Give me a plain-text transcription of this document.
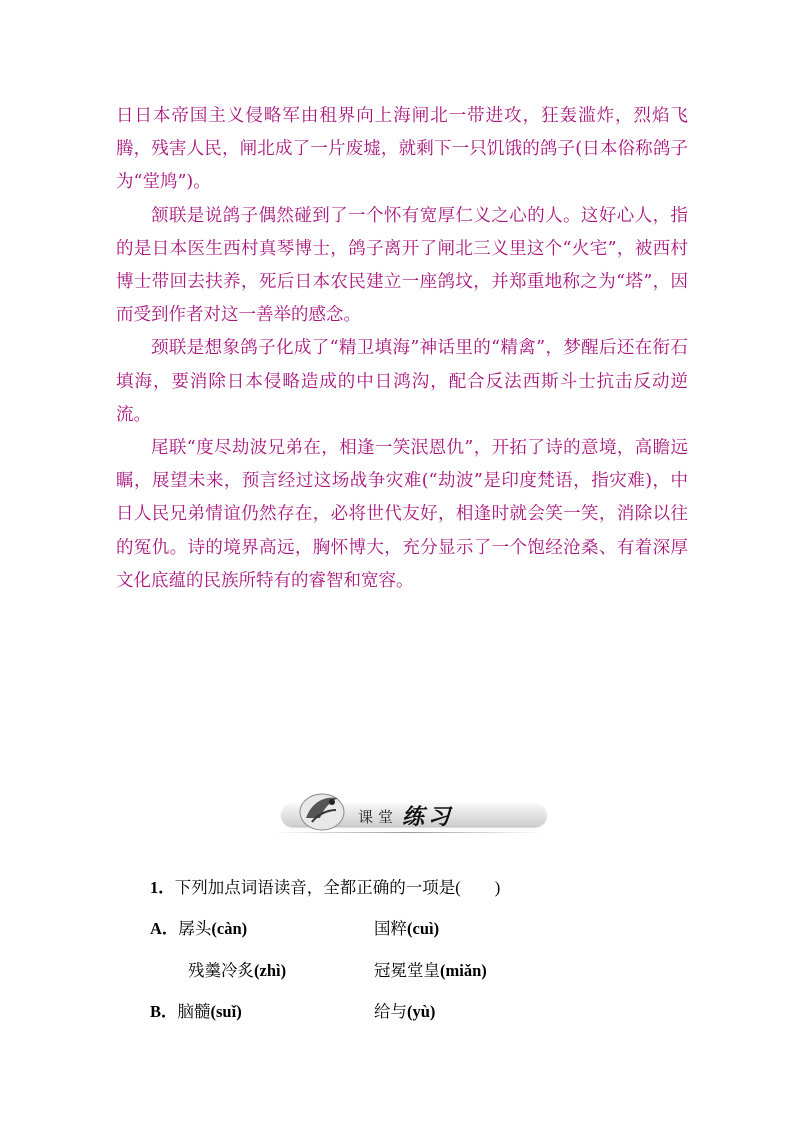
日日本帝国主义侵略军由租界向上海闸北一带进攻，狂轰滥炸，烈焰飞腾，残害人民，闸北成了一片废墟，就剩下一只饥饿的鸽子(日本俗称鸽子为“堂鸠”)。

颔联是说鸽子偶然碰到了一个怀有宽厚仁义之心的人。这好心人，指的是日本医生西村真琴博士，鸽子离开了闸北三义里这个“火宅”，被西村博士带回去扶养，死后日本农民建立一座鸽坟，并郑重地称之为“塔”，因而受到作者对这一善举的感念。

颈联是想象鸽子化成了“精卫填海”神话里的“精禽”，梦醒后还在衔石填海，要消除日本侵略造成的中日鸿沟，配合反法西斯斗士抗击反动逆流。

尾联“度尽劫波兄弟在，相逢一笑泯恩仇”，开拓了诗的意境，高瞻远瞩，展望未来，预言经过这场战争灾难(“劫波”是印度梵语，指灾难)，中日人民兄弟情谊仍然存在，必将世代友好，相逢时就会笑一笑，消除以往的冤仇。诗的境界高远，胸怀博大，充分显示了一个饱经沧桑、有着深厚文化底蕴的民族所特有的睿智和宽容。

课堂 练习
1．下列加点词语读音，全都正确的一项是( )
A．孱头(càn)	国粹(cuì)
残羹冷炙(zhì)	冠冕堂皇(miǎn)
B．脑髓(suǐ)	给与(yù)
